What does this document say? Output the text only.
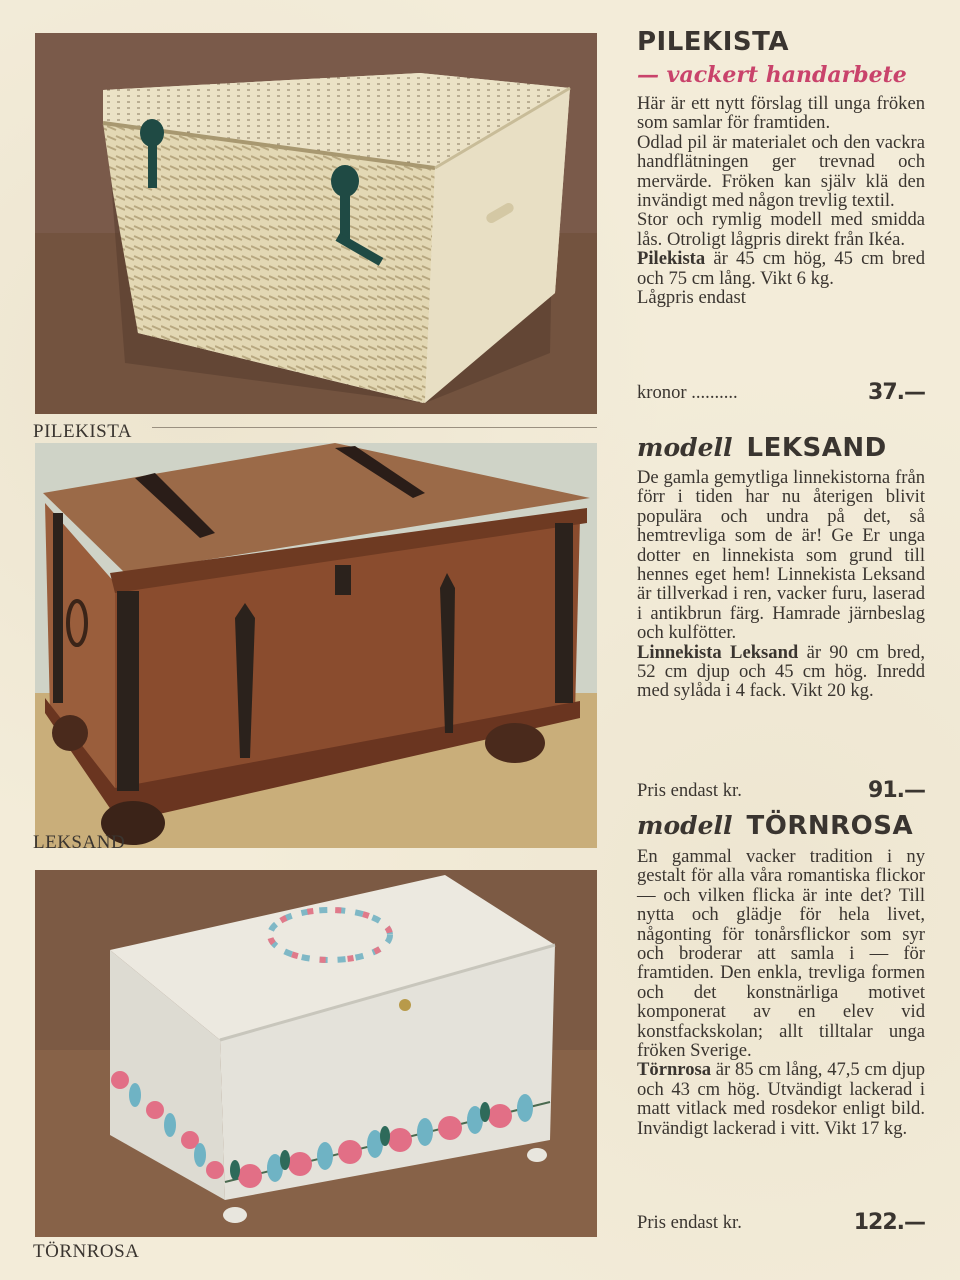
PILEKISTA
LEKSAND
TÖRNROSA
PILEKISTA
— vackert handarbete
Här är ett nytt förslag till unga fröken som samlar för framtiden.
Odlad pil är materialet och den vackra handflätningen ger trevnad och mervärde. Fröken kan själv klä den invändigt med någon trevlig textil.
Stor och rymlig modell med smidda lås. Otroligt lågpris direkt från Ikéa.
Pilekista är 45 cm hög, 45 cm bred och 75 cm lång. Vikt 6 kg.
Lågpris endast
kronor ..........	37.—
modell LEKSAND
De gamla gemytliga linnekistorna från förr i tiden har nu återigen blivit populära och undra på det, så hemtrevliga som de är! Ge Er unga dotter en linnekista som grund till hennes eget hem! Linnekista Leksand är tillverkad i ren, vacker furu, laserad i antikbrun färg. Hamrade järnbeslag och kulfötter.
Linnekista Leksand är 90 cm bred, 52 cm djup och 45 cm hög. Inredd med sylåda i 4 fack. Vikt 20 kg.
Pris endast kr.	91.—
modell TÖRNROSA
En gammal vacker tradition i ny gestalt för alla våra romantiska flickor — och vilken flicka är inte det? Till nytta och glädje för hela livet, någonting för tonårsflickor som syr och broderar att samla i — för framtiden. Den enkla, trevliga formen och det konstnärliga motivet komponerat av en elev vid konstfackskolan; allt tilltalar unga fröken Sverige.
Törnrosa är 85 cm lång, 47,5 cm djup och 43 cm hög. Utvändigt lackerad i matt vitlack med rosdekor enligt bild. Invändigt lackerad i vitt. Vikt 17 kg.
Pris endast kr.	122.—
